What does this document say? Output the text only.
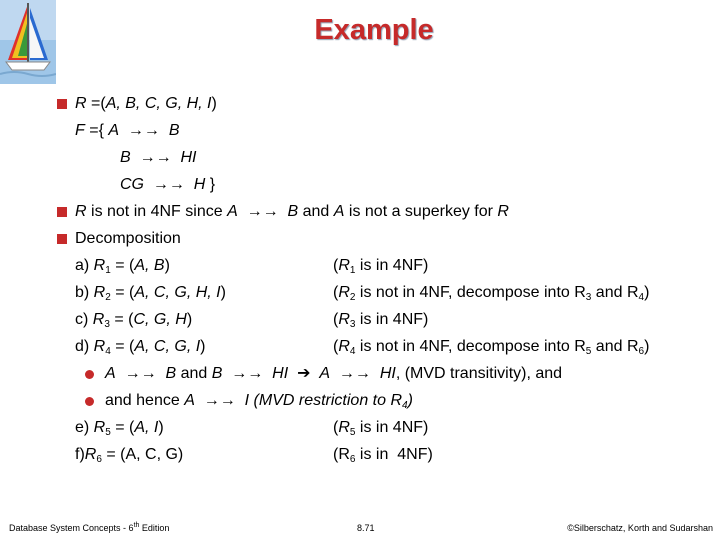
Example
R =(A, B, C, G, H, I)
F ={ A  →→  B
B  →→  HI
CG  →→  H }
R is not in 4NF since A  →→  B and A is not a superkey for R
Decomposition
a) $R_1 = (A$, B)	($R_1$ is in 4NF)
b) $R_2 = (A$, C, G, H, I)	($R_2$ is not in 4NF, decompose into $R_3$ and $R_4$)
c) $R_3 = (C$, G, H)	($R_3$ is in 4NF)
d) $R_4 = (A$, C, G, I)	($R_4$ is not in 4NF, decompose into $R_5$ and $R_6$)
A  →→  B and B  →→  HI  ➔  A  →→  HI, (MVD transitivity), and
and hence A  →→  I (MVD restriction to $R_4$)
e) $R_5 = (A$, I)	($R_5$ is in 4NF)
$f)R_6 = (A$, C, G)	($R_6$ is in  4NF)
Database System Concepts - 6th Edition	8.71	©Silberschatz, Korth and Sudarshan
